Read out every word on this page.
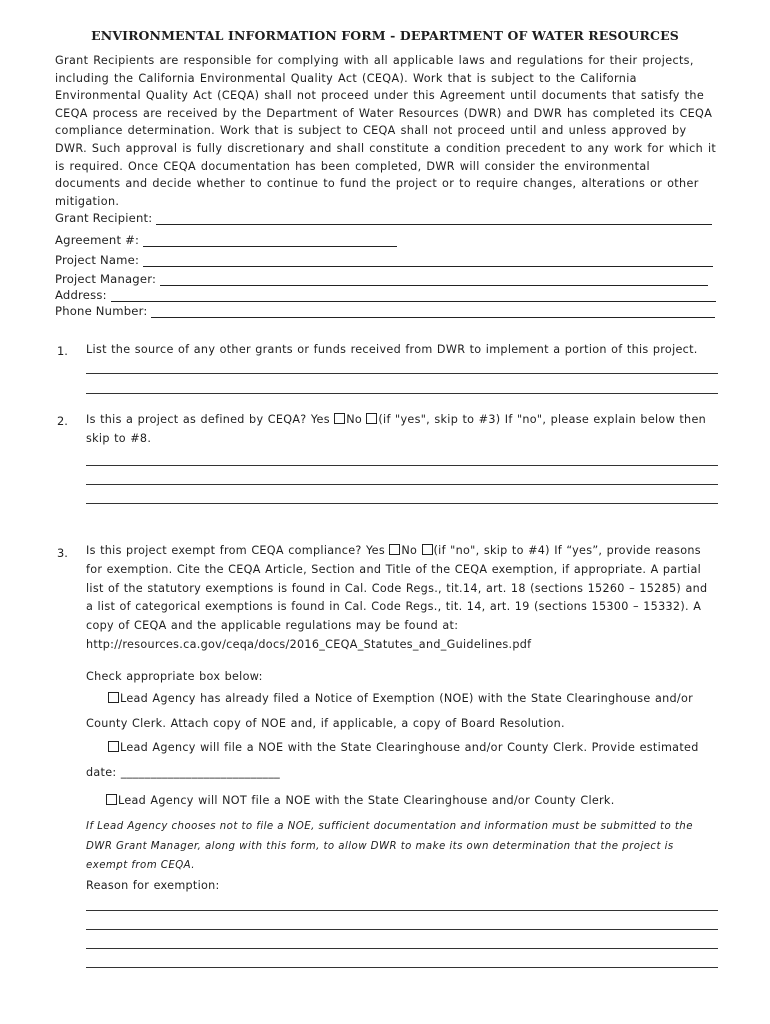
ENVIRONMENTAL INFORMATION FORM - DEPARTMENT OF WATER RESOURCES
Grant Recipients are responsible for complying with all applicable laws and regulations for their projects, including the California Environmental Quality Act (CEQA). Work that is subject to the California Environmental Quality Act (CEQA) shall not proceed under this Agreement until documents that satisfy the CEQA process are received by the Department of Water Resources (DWR) and DWR has completed its CEQA compliance determination. Work that is subject to CEQA shall not proceed until and unless approved by DWR. Such approval is fully discretionary and shall constitute a condition precedent to any work for which it is required. Once CEQA documentation has been completed, DWR will consider the environmental documents and decide whether to continue to fund the project or to require changes, alterations or other mitigation.
Grant Recipient:
Agreement #:
Project Name:
Project Manager:
Address:
Phone Number:
1. List the source of any other grants or funds received from DWR to implement a portion of this project.
2. Is this a project as defined by CEQA? Yes No (if "yes", skip to #3) If "no", please explain below then skip to #8.
3. Is this project exempt from CEQA compliance? Yes No (if "no", skip to #4) If “yes”, provide reasons for exemption. Cite the CEQA Article, Section and Title of the CEQA exemption, if appropriate. A partial list of the statutory exemptions is found in Cal. Code Regs., tit.14, art. 18 (sections 15260 – 15285) and a list of categorical exemptions is found in Cal. Code Regs., tit. 14, art. 19 (sections 15300 – 15332). A copy of CEQA and the applicable regulations may be found at: http://resources.ca.gov/ceqa/docs/2016_CEQA_Statutes_and_Guidelines.pdf
Check appropriate box below:
Lead Agency has already filed a Notice of Exemption (NOE) with the State Clearinghouse and/or
County Clerk. Attach copy of NOE and, if applicable, a copy of Board Resolution.
Lead Agency will file a NOE with the State Clearinghouse and/or County Clerk. Provide estimated
date: ___________________________
Lead Agency will NOT file a NOE with the State Clearinghouse and/or County Clerk.
If Lead Agency chooses not to file a NOE, sufficient documentation and information must be submitted to the DWR Grant Manager, along with this form, to allow DWR to make its own determination that the project is exempt from CEQA.
Reason for exemption:
